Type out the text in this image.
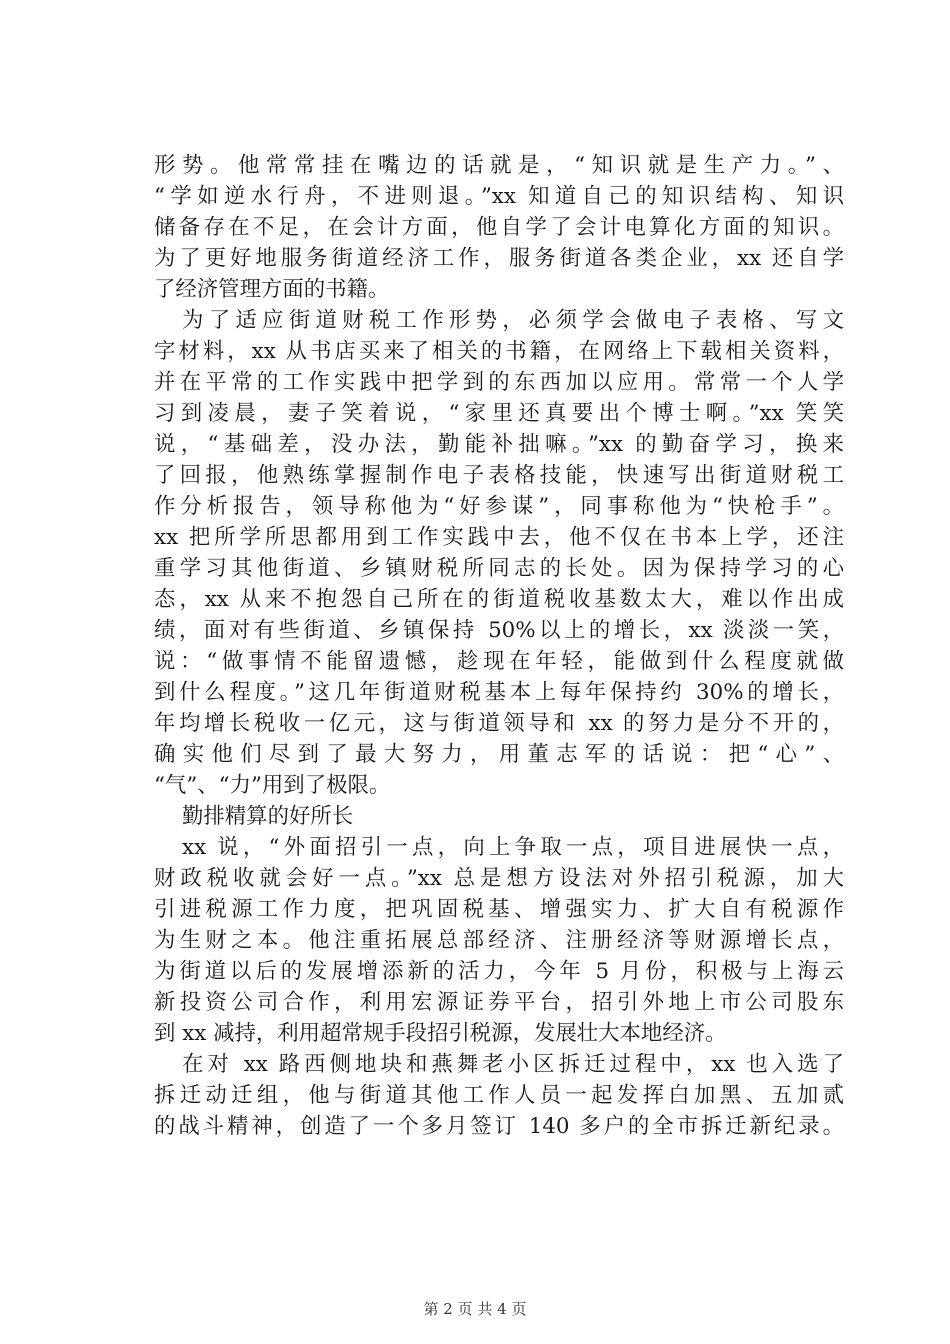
形势。他常常挂在嘴边的话就是，“知识就是生产力。”、
“学如逆水行舟，不进则退。”xx 知道自己的知识结构、知识
储备存在不足，在会计方面，他自学了会计电算化方面的知识。
为了更好地服务街道经济工作，服务街道各类企业，xx 还自学
了经济管理方面的书籍。
为了适应街道财税工作形势，必须学会做电子表格、写文
字材料，xx 从书店买来了相关的书籍，在网络上下载相关资料，
并在平常的工作实践中把学到的东西加以应用。常常一个人学
习到凌晨，妻子笑着说，“家里还真要出个博士啊。”xx 笑笑
说，“基础差，没办法，勤能补拙嘛。”xx 的勤奋学习，换来
了回报，他熟练掌握制作电子表格技能，快速写出街道财税工
作分析报告，领导称他为“好参谋”，同事称他为“快枪手”。
xx 把所学所思都用到工作实践中去，他不仅在书本上学，还注
重学习其他街道、乡镇财税所同志的长处。因为保持学习的心
态，xx 从来不抱怨自己所在的街道税收基数太大，难以作出成
绩，面对有些街道、乡镇保持 50%以上的增长，xx 淡淡一笑，
说：“做事情不能留遗憾，趁现在年轻，能做到什么程度就做
到什么程度。”这几年街道财税基本上每年保持约 30%的增长，
年均增长税收一亿元，这与街道领导和 xx 的努力是分不开的，
确实他们尽到了最大努力，用董志军的话说：把“心”、
“气”、“力”用到了极限。
勤排精算的好所长
xx 说，“外面招引一点，向上争取一点，项目进展快一点，
财政税收就会好一点。”xx 总是想方设法对外招引税源，加大
引进税源工作力度，把巩固税基、增强实力、扩大自有税源作
为生财之本。他注重拓展总部经济、注册经济等财源增长点，
为街道以后的发展增添新的活力，今年 5 月份，积极与上海云
新投资公司合作，利用宏源证券平台，招引外地上市公司股东
到 xx 减持，利用超常规手段招引税源，发展壮大本地经济。
在对 xx 路西侧地块和燕舞老小区拆迁过程中，xx 也入选了
拆迁动迁组，他与街道其他工作人员一起发挥白加黑、五加贰
的战斗精神，创造了一个多月签订 140 多户的全市拆迁新纪录。
第 2 页 共 4 页
